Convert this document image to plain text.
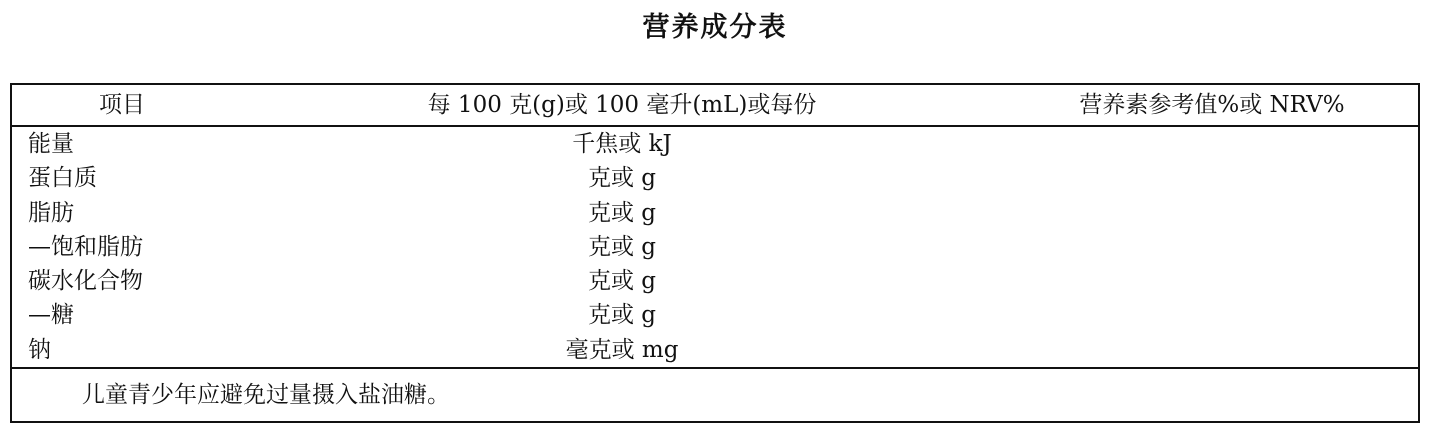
营养成分表
项目	每 100 克(g)或 100 毫升(mL)或每份	营养素参考值%或 NRV%
能量	千焦或 kJ
蛋白质	克或 g
脂肪	克或 g
—饱和脂肪	克或 g
碳水化合物	克或 g
—糖	克或 g
钠	毫克或 mg
儿童青少年应避免过量摄入盐油糖。
